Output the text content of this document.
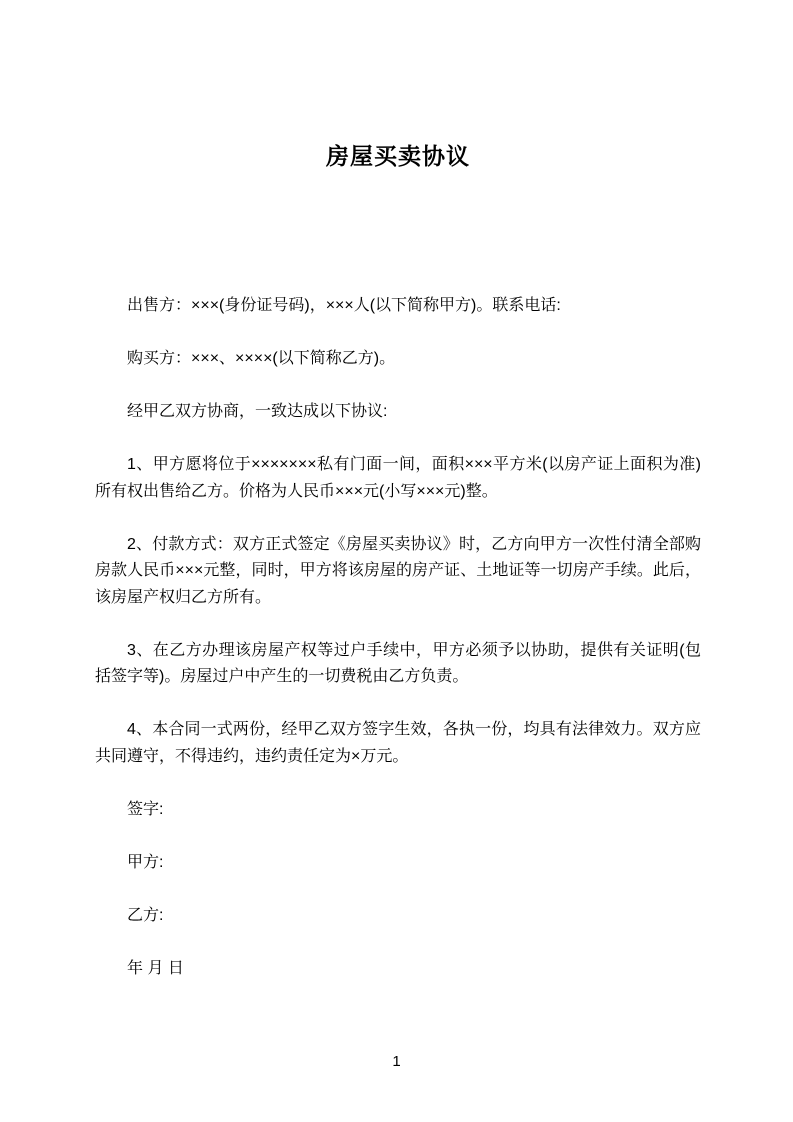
房屋买卖协议

出售方：×××(身份证号码)，×××人(以下简称甲方)。联系电话:

购买方：×××、××××(以下简称乙方)。

经甲乙双方协商，一致达成以下协议:

1、甲方愿将位于×××××××私有门面一间，面积×××平方米(以房产证上面积为准)所有权出售给乙方。价格为人民币×××元(小写×××元)整。

2、付款方式：双方正式签定《房屋买卖协议》时，乙方向甲方一次性付清全部购房款人民币×××元整，同时，甲方将该房屋的房产证、土地证等一切房产手续。此后，该房屋产权归乙方所有。

3、在乙方办理该房屋产权等过户手续中，甲方必须予以协助，提供有关证明(包括签字等)。房屋过户中产生的一切费税由乙方负责。

4、本合同一式两份，经甲乙双方签字生效，各执一份，均具有法律效力。双方应共同遵守，不得违约，违约责任定为×万元。

签字:

甲方:

乙方:

年 月 日

1
